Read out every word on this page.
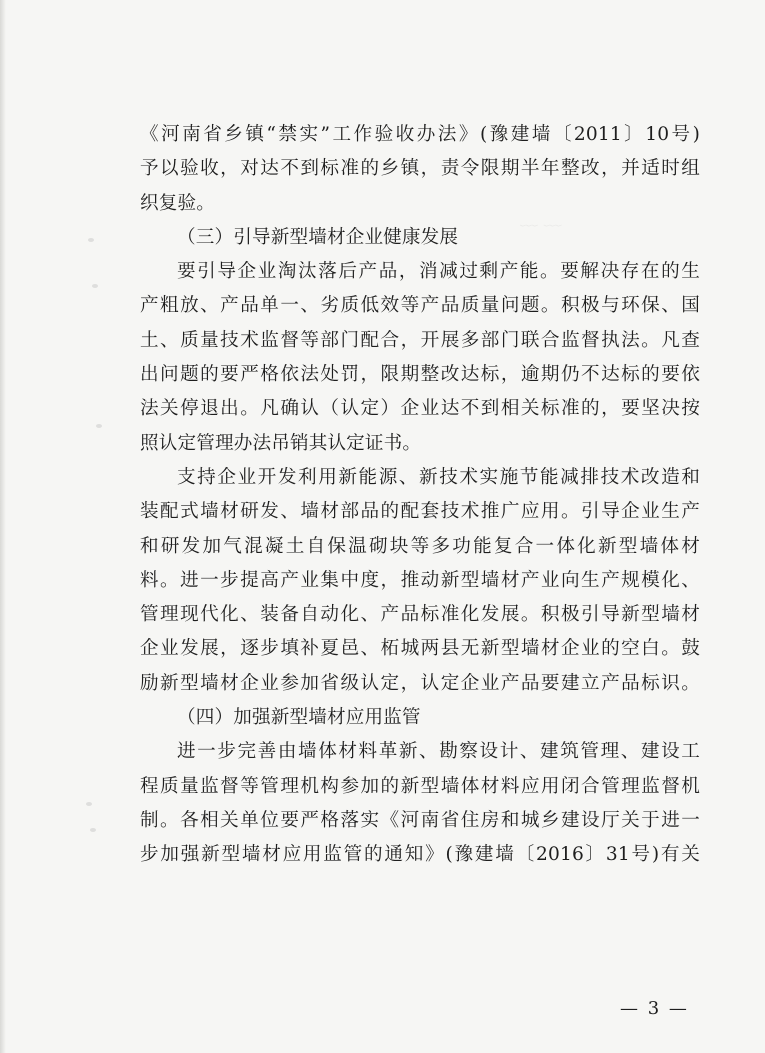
﹏ ﹏
《河南省乡镇“禁实”工作验收办法》(豫建墙〔2011〕10号)
予以验收，对达不到标准的乡镇，责令限期半年整改，并适时组
织复验。
（三）引导新型墙材企业健康发展
要引导企业淘汰落后产品，消减过剩产能。要解决存在的生
产粗放、产品单一、劣质低效等产品质量问题。积极与环保、国
土、质量技术监督等部门配合，开展多部门联合监督执法。凡查
出问题的要严格依法处罚，限期整改达标，逾期仍不达标的要依
法关停退出。凡确认（认定）企业达不到相关标准的，要坚决按
照认定管理办法吊销其认定证书。
支持企业开发利用新能源、新技术实施节能减排技术改造和
装配式墙材研发、墙材部品的配套技术推广应用。引导企业生产
和研发加气混凝土自保温砌块等多功能复合一体化新型墙体材
料。进一步提高产业集中度，推动新型墙材产业向生产规模化、
管理现代化、装备自动化、产品标准化发展。积极引导新型墙材
企业发展，逐步填补夏邑、柘城两县无新型墙材企业的空白。鼓
励新型墙材企业参加省级认定，认定企业产品要建立产品标识。
（四）加强新型墙材应用监管
进一步完善由墙体材料革新、勘察设计、建筑管理、建设工
程质量监督等管理机构参加的新型墙体材料应用闭合管理监督机
制。各相关单位要严格落实《河南省住房和城乡建设厅关于进一
步加强新型墙材应用监管的通知》(豫建墙〔2016〕31号)有关
— 3 —
